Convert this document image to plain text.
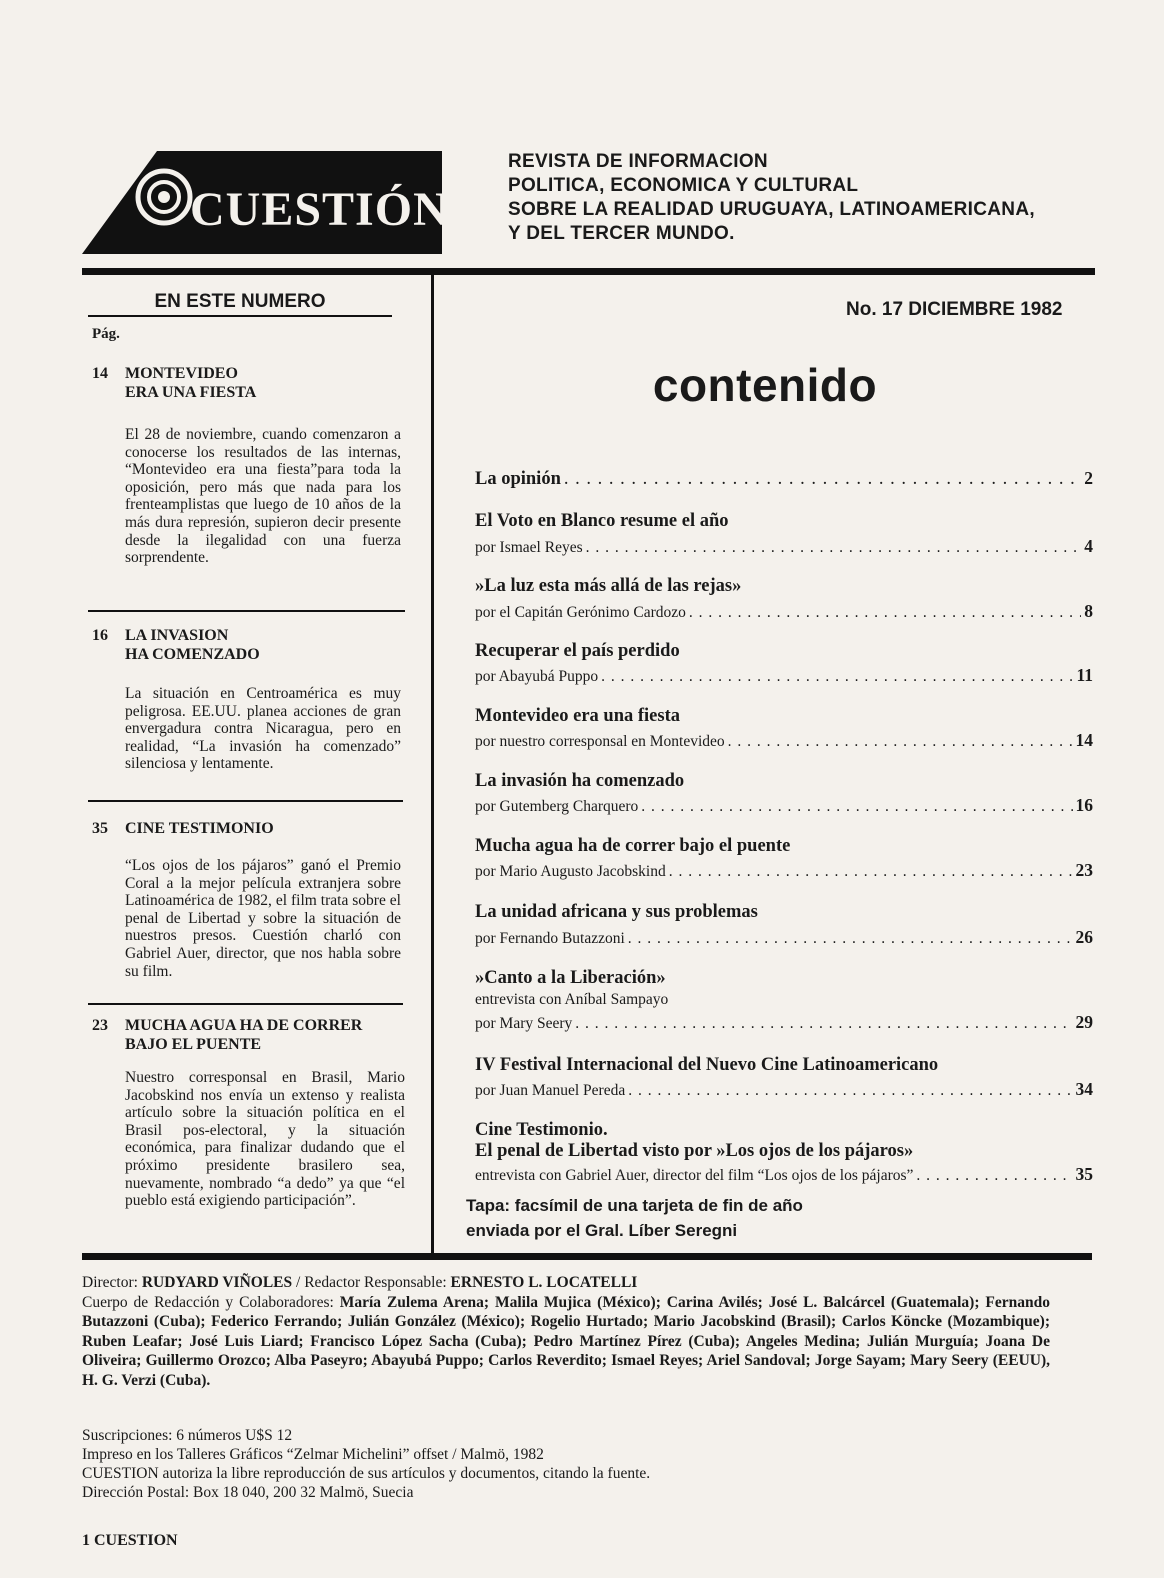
CUESTIÓN
REVISTA DE INFORMACION
POLITICA, ECONOMICA Y CULTURAL
SOBRE LA REALIDAD URUGUAYA, LATINOAMERICANA,
Y DEL TERCER MUNDO.
EN ESTE NUMERO
Pág.
14 MONTEVIDEO
ERA UNA FIESTA
El 28 de noviembre, cuando comenzaron a conocerse los resultados de las internas, “Montevideo era una fiesta”para toda la oposición, pero más que nada para los frenteamplistas que luego de 10 años de la más dura represión, supieron decir presente desde la ilegalidad con una fuerza sorprendente.
16 LA INVASION
HA COMENZADO
La situación en Centroamérica es muy peligrosa. EE.UU. planea acciones de gran envergadura contra Nicaragua, pero en realidad, “La invasión ha comenzado” silenciosa y lentamente.
35 CINE TESTIMONIO
“Los ojos de los pájaros” ganó el Premio Coral a la mejor película extranjera sobre Latinoamérica de 1982, el film trata sobre el penal de Libertad y sobre la situación de nuestros presos. Cuestión charló con Gabriel Auer, director, que nos habla sobre su film.
23 MUCHA AGUA HA DE CORRER
BAJO EL PUENTE
Nuestro corresponsal en Brasil, Mario Jacobskind nos envía un extenso y realista artículo sobre la situación política en el Brasil pos-electoral, y la situación económica, para finalizar dudando que el próximo presidente brasilero sea, nuevamente, nombrado “a dedo” ya que “el pueblo está exigiendo participación”.
No. 17 DICIEMBRE 1982
contenido
La opinión . . .	2
El Voto en Blanco resume el año
por Ismael Reyes . . .	4
»La luz esta más allá de las rejas»
por el Capitán Gerónimo Cardozo . . .	8
Recuperar el país perdido
por Abayubá Puppo . . .	11
Montevideo era una fiesta
por nuestro corresponsal en Montevideo . . .	14
La invasión ha comenzado
por Gutemberg Charquero . . .	16
Mucha agua ha de correr bajo el puente
por Mario Augusto Jacobskind . . .	23
La unidad africana y sus problemas
por Fernando Butazzoni . . .	26
»Canto a la Liberación»
entrevista con Aníbal Sampayo
por Mary Seery . . .	29
IV Festival Internacional del Nuevo Cine Latinoamericano
por Juan Manuel Pereda . . .	34
Cine Testimonio.
El penal de Libertad visto por »Los ojos de los pájaros»
entrevista con Gabriel Auer, director del film “Los ojos de los pájaros” . . .	35
Tapa: facsímil de una tarjeta de fin de año
enviada por el Gral. Líber Seregni
Director: RUDYARD VIÑOLES / Redactor Responsable: ERNESTO L. LOCATELLI
Cuerpo de Redacción y Colaboradores: María Zulema Arena; Malila Mujica (México); Carina Avilés; José L. Balcárcel (Guatemala); Fernando Butazzoni (Cuba); Federico Ferrando; Julián González (México); Rogelio Hurtado; Mario Jacobskind (Brasil); Carlos Köncke (Mozambique); Ruben Leafar; José Luis Liard; Francisco López Sacha (Cuba); Pedro Martínez Pírez (Cuba); Angeles Medina; Julián Murguía; Joana De Oliveira; Guillermo Orozco; Alba Paseyro; Abayubá Puppo; Carlos Reverdito; Ismael Reyes; Ariel Sandoval; Jorge Sayam; Mary Seery (EEUU), H. G. Verzi (Cuba).
Suscripciones: 6 números U$S 12
Impreso en los Talleres Gráficos “Zelmar Michelini” offset / Malmö, 1982
CUESTION autoriza la libre reproducción de sus artículos y documentos, citando la fuente.
Dirección Postal: Box 18 040, 200 32 Malmö, Suecia
1 CUESTION
